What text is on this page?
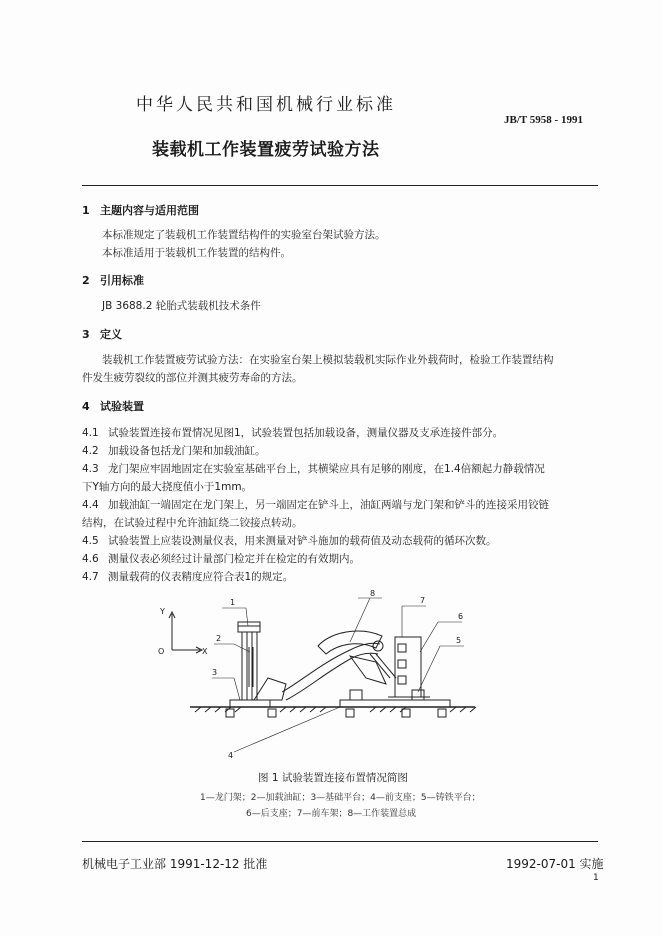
中华人民共和国机械行业标准
JB/T 5958 - 1991
装载机工作装置疲劳试验方法
1 主题内容与适用范围
本标准规定了装载机工作装置结构件的实验室台架试验方法。
本标准适用于装载机工作装置的结构件。
2 引用标准
JB 3688.2 轮胎式装载机技术条件
3 定义
装载机工作装置疲劳试验方法：在实验室台架上模拟装载机实际作业外载荷时，检验工作装置结构
件发生疲劳裂纹的部位并测其疲劳寿命的方法。
4 试验装置
4.1 试验装置连接布置情况见图1，试验装置包括加载设备，测量仪器及支承连接件部分。
4.2 加载设备包括龙门架和加载油缸。
4.3 龙门架应牢固地固定在实验室基础平台上，其横梁应具有足够的刚度，在1.4倍额起力静载情况
下Y轴方向的最大挠度值小于1mm。
4.4 加载油缸一端固定在龙门架上，另一端固定在铲斗上，油缸两端与龙门架和铲斗的连接采用铰链
结构，在试验过程中允许油缸绕二铰接点转动。
4.5 试验装置上应装设测量仪表，用来测量对铲斗施加的载荷值及动态载荷的循环次数。
4.6 测量仪表必须经过计量部门检定并在检定的有效期内。
4.7 测量载荷的仪表精度应符合表1的规定。
Y
O	X
1
2
3
4
5
6
7
8
图 1 试验装置连接布置情况简图
1—龙门架；2—加载油缸；3—基础平台；4—前支座；5—铸铁平台；
6—后支座；7—前车架；8—工作装置总成
机械电子工业部 1991-12-12 批准	1992-07-01 实施
1
